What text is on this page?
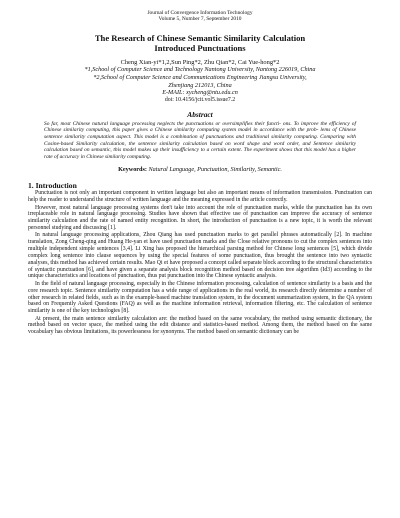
Journal of Convergence Information Technology
Volume 5, Number 7, September 2010
The Research of Chinese Semantic Similarity Calculation
Introduced Punctuations
Cheng Xian-yi*1,2,Sun Ping*2, Zhu Qian*2, Cai Yue-hong*2
*1,School of Computer Science and Technology Nantong University, Nantong 226019, China
*2,School of Computer Science and Communications Engineering Jiangsu University,
Zhenjiang 212013, China
E-MAIL: xycheng@ntu.edu.cn
doi: 10.4156/jcit.vol5.issue7.2
Abstract
So far, most Chinese natural language processing neglects the punctuations or oversimplifies their functi- ons. To improve the efficiency of Chinese similarity computing, this paper gives a Chinese similarity computing system model in accordance with the prob- lems of Chinese sentence similarity computation aspect. This model is a combination of punctuations and traditional similarity computing. Comparing with Cosine-based Similarity calculation, the sentence similarity calculation based on word shape and word order, and Sentence similarity calculation based on semantic, this model makes up their insufficiency to a certain extent. The experiment shows that this model has a higher rate of accuracy in Chinese similarity computing.
Keywords: Natural Language, Punctuation, Similarity, Semantic.
1. Introduction

Punctuation is not only an important component in written language but also an important means of information transmission. Punctuation can help the reader to understand the structure of written language and the meaning expressed in the article correctly.

However, most natural language processing systems don't take into account the role of punctuation marks, while the punctuation has its own irreplaceable role in natural language processing. Studies have shown that effective use of punctuation can improve the accuracy of sentence similarity calculation and the rate of named entity recognition. In short, the introduction of punctuation is a new topic, it is worth the relevant personnel studying and discussing [1].

In natural language processing applications, Zhou Qiang has used punctuation marks to get parallel phrases automatically [2]. In machine translation, Zong Cheng-qing and Huang He-yan et have used punctuation marks and the Close relative pronouns to cut the complex sentences into multiple independent simple sentences [3,4]. Li Xing has proposed the hierarchical parsing method for Chinese long sentences [5], which divide complex long sentence into clause sequences by using the special features of some punctuation, thus brought the sentence into two syntactic analyses, this method has achieved certain results. Mao Qi et have proposed a concept called separate block according to the structural characteristics of syntactic punctuation [6], and have given a separate analysis block recognition method based on decision tree algorithm (Id3) according to the unique characteristics and locations of punctuation, thus put punctuation into the Chinese syntactic analysis.

In the field of natural language processing, especially in the Chinese information processing, calculation of sentence similarity is a basis and the core research topic. Sentence similarity computation has a wide range of applications in the real world, its research directly determine a number of other research in related fields, such as in the example-based machine translation system, in the document summarization system, in the QA system based on Frequently Asked Questions (FAQ) as well as the machine information retrieval, information filtering, etc. The calculation of sentence similarity is one of the key technologies [8].

At present, the main sentence similarity calculation are: the method based on the same vocabulary, the method using semantic dictionary, the method based on vector space, the method using the edit distance and statistics-based method. Among them, the method based on the same vocabulary has obvious limitations, its powerlessness for synonyms. The method based on semantic dictionary can be
